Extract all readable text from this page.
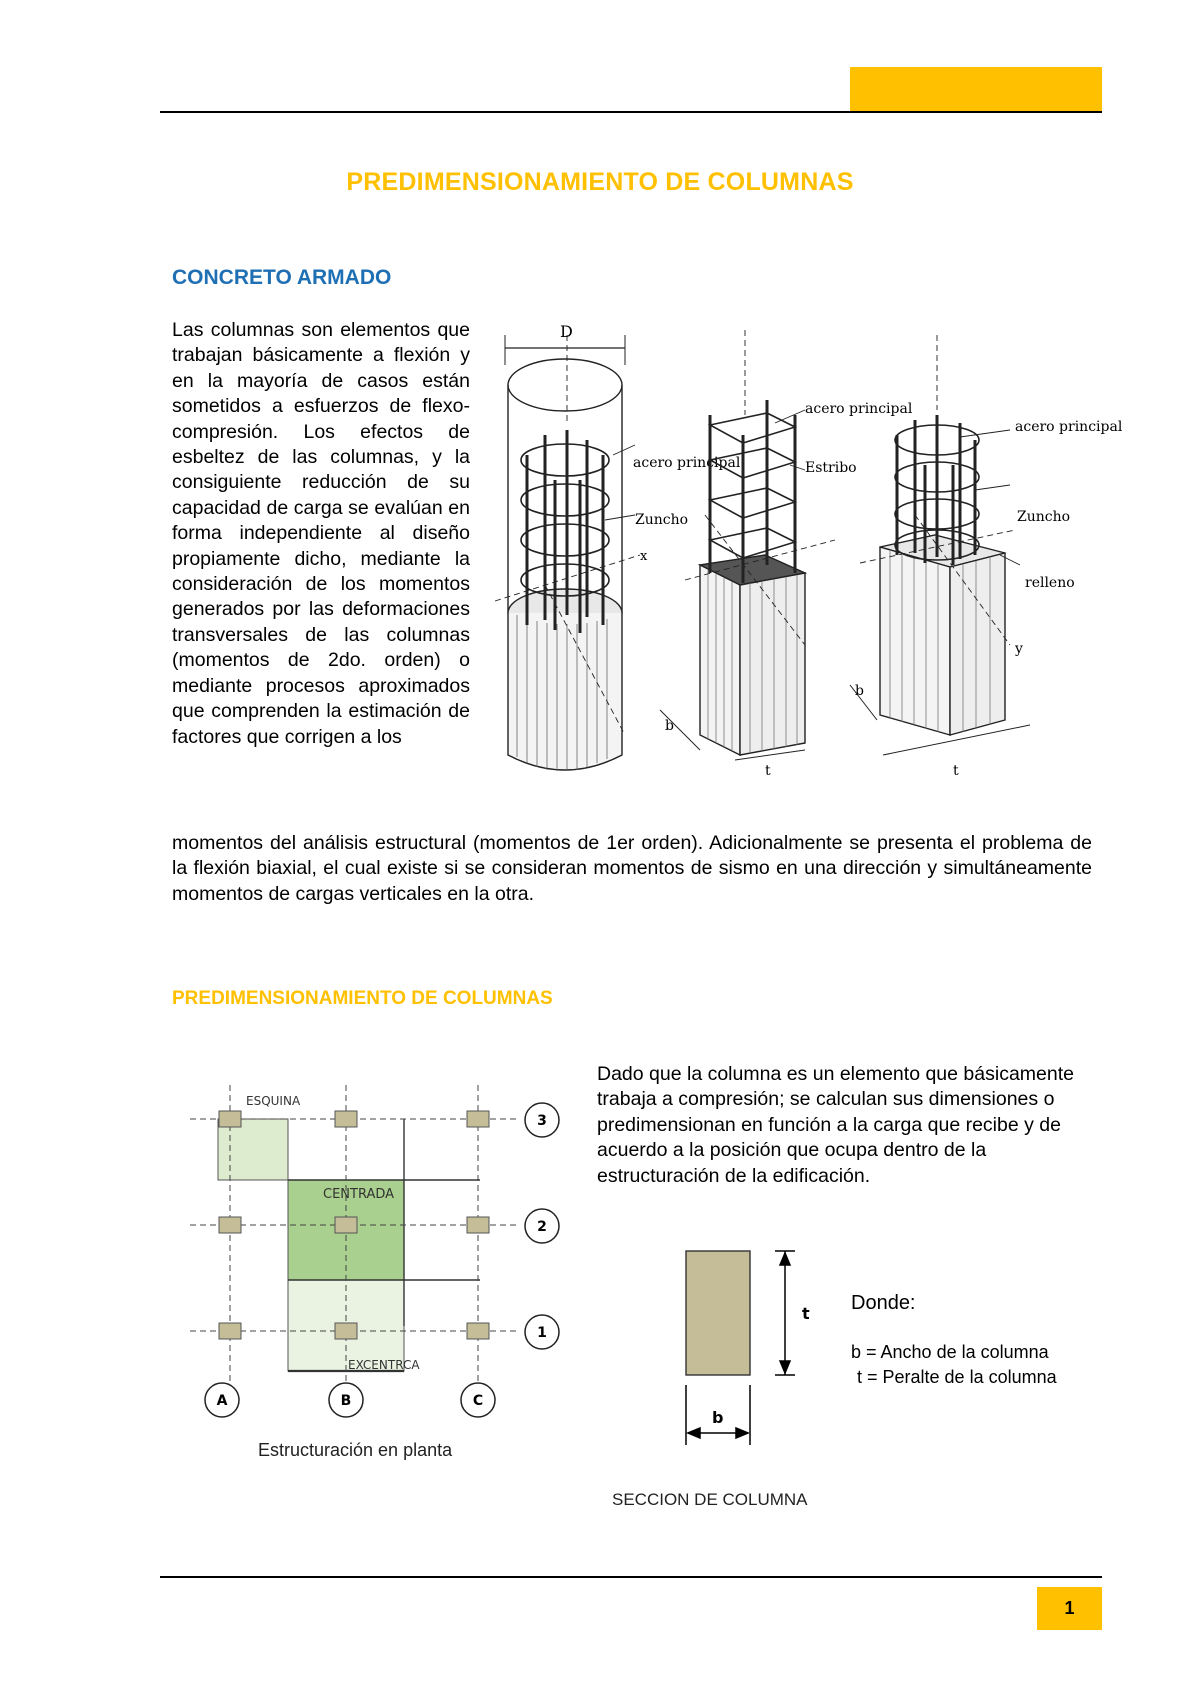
PREDIMENSIONAMIENTO DE COLUMNAS
CONCRETO ARMADO
Las columnas son elementos que trabajan básicamente a flexión y en la mayoría de casos están sometidos a esfuerzos de flexo-compresión. Los efectos de esbeltez de las columnas, y la consiguiente reducción de su capacidad de carga se evalúan en forma independiente al diseño propiamente dicho, mediante la consideración de los momentos generados por las deformaciones transversales de las columnas (momentos de 2do. orden) o mediante procesos aproximados que comprenden la estimación de factores que corrigen a los
D
acero principal
Zuncho
x
acero principal
Estribo
b
t
acero principal
Zuncho
relleno
y
b
t
momentos del análisis estructural (momentos de 1er orden). Adicionalmente se presenta el problema de la flexión biaxial, el cual existe si se consideran momentos de sismo en una dirección y simultáneamente momentos de cargas verticales en la otra.
PREDIMENSIONAMIENTO DE COLUMNAS
Dado que la columna es un elemento que básicamente trabaja a compresión; se calculan sus dimensiones o predimensionan en función a la carga que recibe y de acuerdo a la posición que ocupa dentro de la estructuración de la edificación.
3
2
1
A	B	C
ESQUINA
CENTRADA
EXCENTRCA
Estructuración en planta
t
b
SECCION DE COLUMNA
Donde:
b = Ancho de la columna
t = Peralte de la columna
1
